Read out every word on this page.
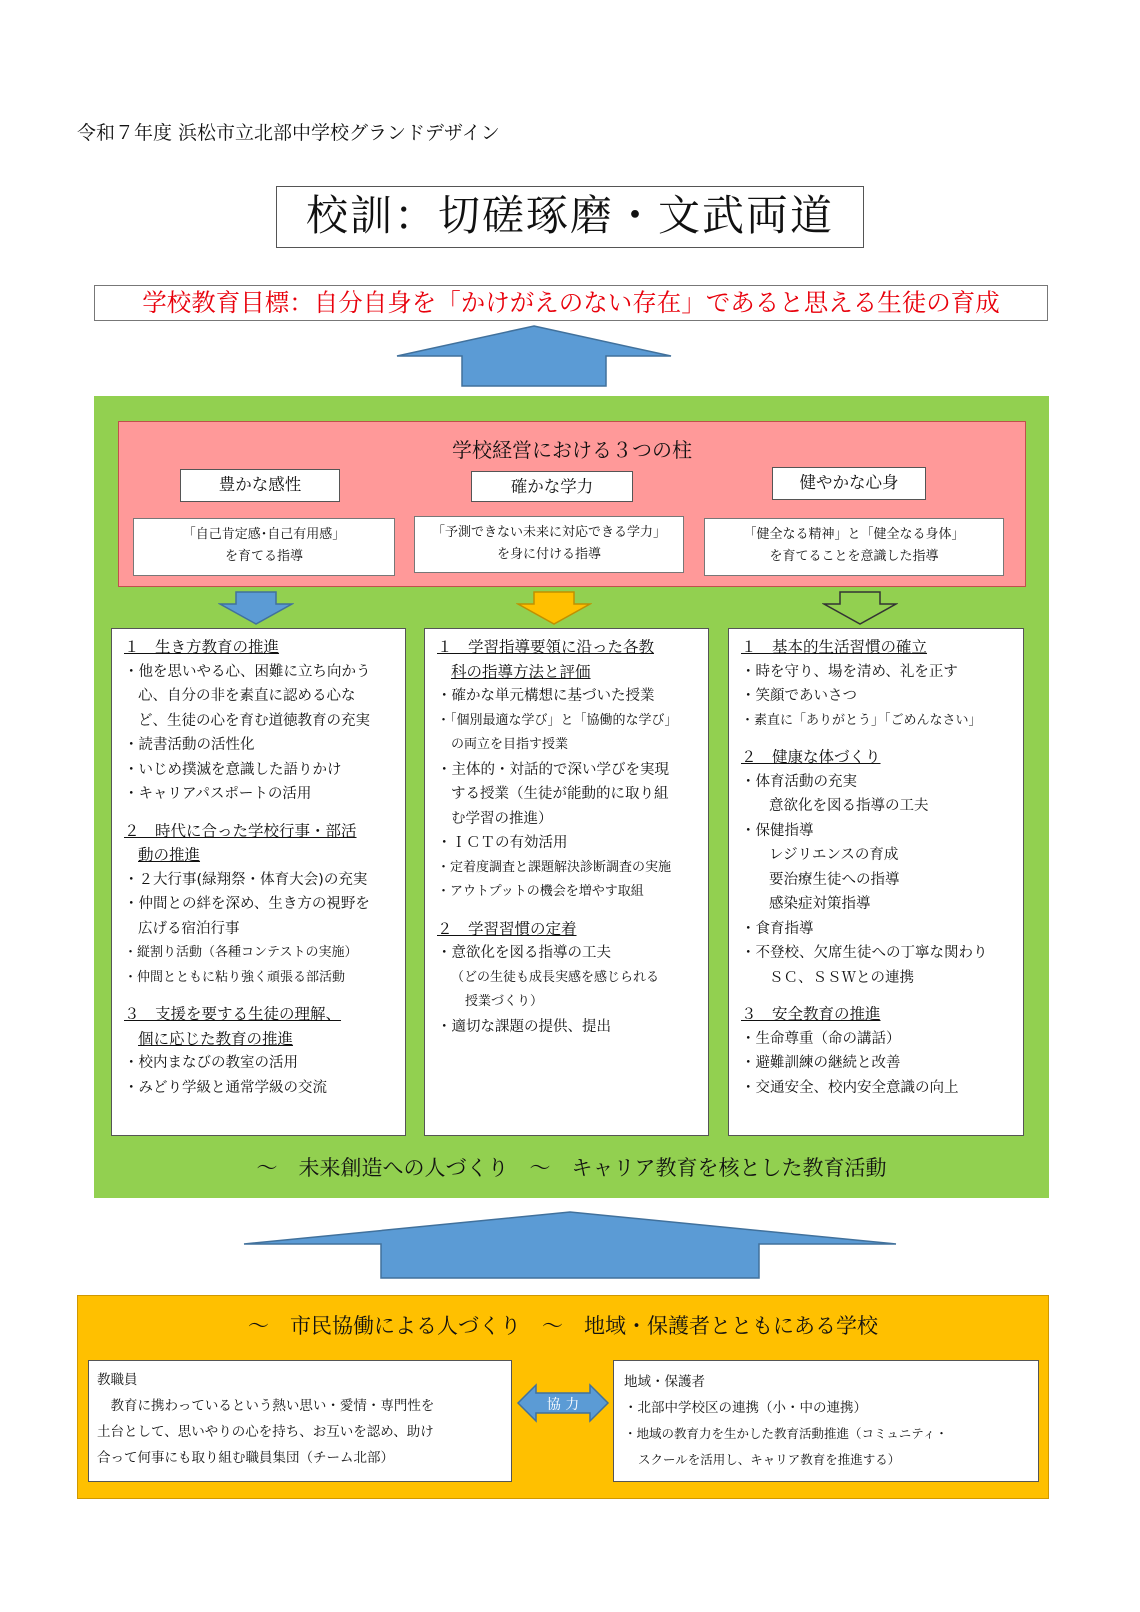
令和７年度 浜松市立北部中学校グランドデザイン
校訓：切磋琢磨・文武両道
学校教育目標：自分自身を「かけがえのない存在」であると思える生徒の育成
学校経営における３つの柱
豊かな感性	確かな学力	健やかな心身
「自己肯定感･自己有用感」
を育てる指導
「予測できない未来に対応できる学力」
を身に付ける指導
「健全なる精神」と「健全なる身体」
を育てることを意識した指導

１　生き方教育の推進

・他を思いやる心、困難に立ち向かう

心、自分の非を素直に認める心な

ど、生徒の心を育む道徳教育の充実

・読書活動の活性化

・いじめ撲滅を意識した語りかけ

・キャリアパスポートの活用

２　時代に合った学校行事・部活

動の推進

・２大行事(緑翔祭・体育大会)の充実

・仲間との絆を深め、生き方の視野を

広げる宿泊行事

・縦割り活動（各種コンテストの実施）

・仲間とともに粘り強く頑張る部活動

３　支援を要する生徒の理解、

個に応じた教育の推進

・校内まなびの教室の活用

・みどり学級と通常学級の交流

１　学習指導要領に沿った各教

科の指導方法と評価

・確かな単元構想に基づいた授業

・「個別最適な学び」と「協働的な学び」

の両立を目指す授業

・主体的・対話的で深い学びを実現

する授業（生徒が能動的に取り組

む学習の推進）

・ＩＣＴの有効活用

・定着度調査と課題解決診断調査の実施

・アウトプットの機会を増やす取組

２　学習習慣の定着

・意欲化を図る指導の工夫

（どの生徒も成長実感を感じられる

授業づくり）

・適切な課題の提供、提出

１　基本的生活習慣の確立

・時を守り、場を清め、礼を正す

・笑顔であいさつ

・素直に「ありがとう」「ごめんなさい」

２　健康な体づくり

・体育活動の充実

意欲化を図る指導の工夫

・保健指導

レジリエンスの育成

要治療生徒への指導

感染症対策指導

・食育指導

・不登校、欠席生徒への丁寧な関わり

ＳＣ、ＳＳＷとの連携

３　安全教育の推進

・生命尊重（命の講話）

・避難訓練の継続と改善

・交通安全、校内安全意識の向上

～　未来創造への人づくり　～　キャリア教育を核とした教育活動
～　市民協働による人づくり　～　地域・保護者とともにある学校

教職員

　教育に携わっているという熱い思い・愛情・専門性を

土台として、思いやりの心を持ち、お互いを認め、助け

合って何事にも取り組む職員集団（チーム北部）

協 力

地域・保護者

・北部中学校区の連携（小・中の連携）

・地域の教育力を生かした教育活動推進（コミュニティ・

スクールを活用し、キャリア教育を推進する）
